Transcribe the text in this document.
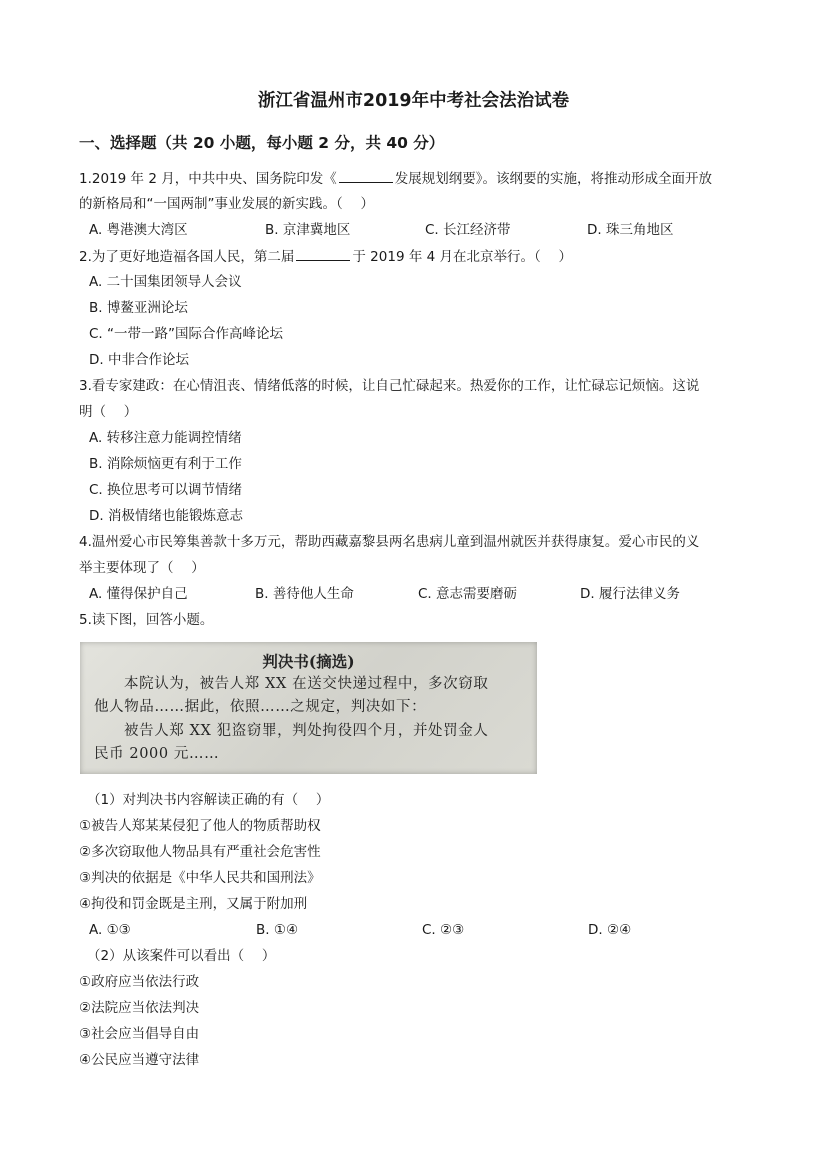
浙江省温州市2019年中考社会法治试卷
一、选择题（共 20 小题，每小题 2 分，共 40 分）
1.2019 年 2 月，中共中央、国务院印发《	发展规划纲要》。该纲要的实施，将推动形成全面开放
的新格局和“一国两制”事业发展的新实践。（　 ）
A. 粤港澳大湾区	B. 京津冀地区	C. 长江经济带	D. 珠三角地区
2.为了更好地造福各国人民，第二届	于 2019 年 4 月在北京举行。（　 ）
A. 二十国集团领导人会议
B. 博鳌亚洲论坛
C. “一带一路”国际合作高峰论坛
D. 中非合作论坛
3.看专家建政：在心情沮丧、情绪低落的时候，让自己忙碌起来。热爱你的工作，让忙碌忘记烦恼。这说
明（　 ）
A. 转移注意力能调控情绪
B. 消除烦恼更有利于工作
C. 换位思考可以调节情绪
D. 消极情绪也能锻炼意志
4.温州爱心市民筹集善款十多万元，帮助西藏嘉黎县两名患病儿童到温州就医并获得康复。爱心市民的义
举主要体现了（　 ）
A. 懂得保护自己	B. 善待他人生命	C. 意志需要磨砺	D. 履行法律义务
5.读下图，回答小题。
判决书(摘选)
本院认为，被告人郑 XX 在送交快递过程中，多次窃取
他人物品……据此，依照……之规定，判决如下：
被告人郑 XX 犯盗窃罪，判处拘役四个月，并处罚金人
民币 2000 元……
（1）对判决书内容解读正确的有（　 ）
①被告人郑某某侵犯了他人的物质帮助权
②多次窃取他人物品具有严重社会危害性
③判决的依据是《中华人民共和国刑法》
④拘役和罚金既是主刑，又属于附加刑
A. ①③	B. ①④	C. ②③	D. ②④
（2）从该案件可以看出（　 ）
①政府应当依法行政
②法院应当依法判决
③社会应当倡导自由
④公民应当遵守法律
